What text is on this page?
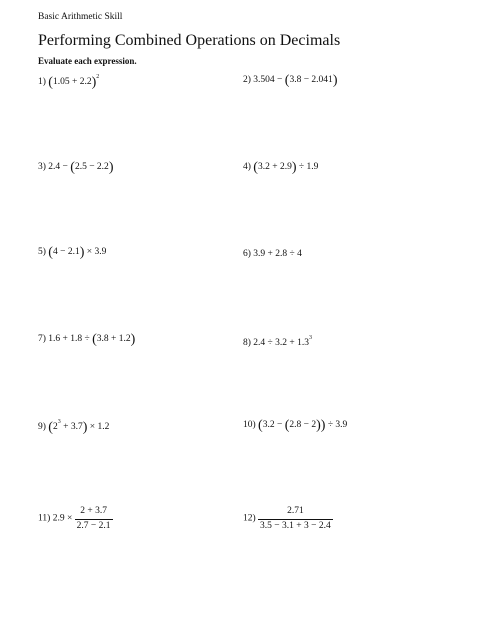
Basic Arithmetic Skill
Performing Combined Operations on Decimals
Evaluate each expression.
1) $(1.05 + 2.2)^2$	2) 3.504 − (3.8 − 2.041)
3) 2.4 − (2.5 − 2.2)	4) (3.2 + 2.9) ÷ 1.9
5) (4 − 2.1) × 3.9	6) 3.9 + 2.8 ÷ 4
7) 1.6 + 1.8 ÷ (3.8 + 1.2)	8) $2.4 \div 3.2 + 1.3^3$
9) $(2^3 + 3.7) \times 1.2$	10) (3.2 − (2.8 − 2)) ÷ 3.9
11) $2.9 \times \frac{2 + 3.7}{2.7 - 2.1}$	$12) \frac{2.71}{3.5 - 3.1 + 3 - 2.4}$
